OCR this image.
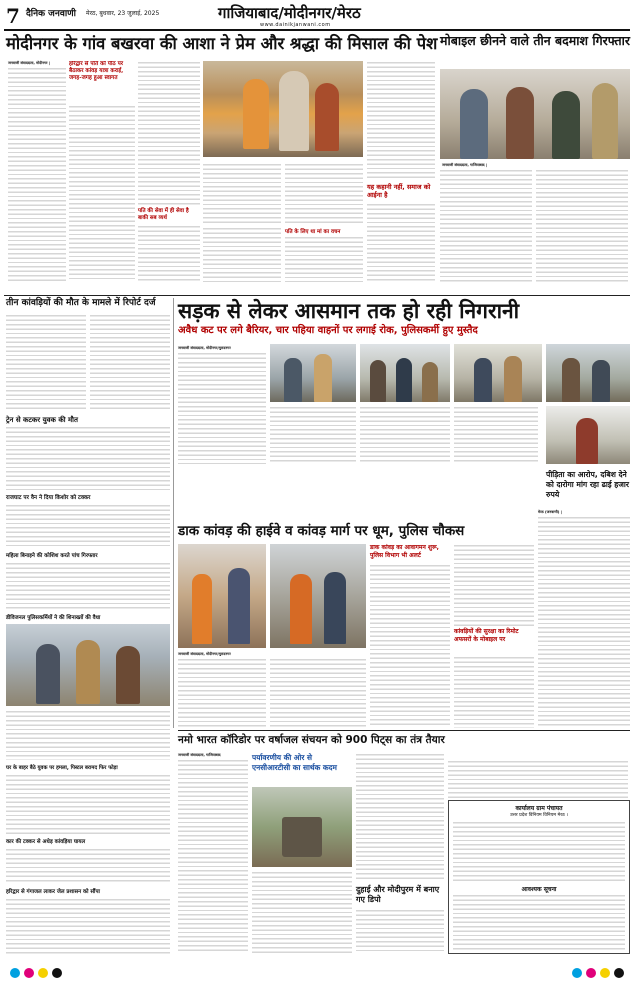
7 दैनिक जनवाणी मेरठ, बुधवार, 23 जुलाई, 2025	गाजियाबाद/मोदीनगर/मेरठ
www.dainikjanwani.com
मोदीनगर के गांव बखरवा की आशा ने प्रेम और श्रद्धा की मिसाल की पेश
जनवाणी संवाददाता, मोदीनगर |	हरिद्वार से पति को पीठ पर बैठाकर कांवड़ यात्रा कराई, जगह-जगह हुआ स्वागत
पति की सेवा में ही सेवा है बाकी सब व्यर्थ
पति के लिए था मां का वचन
यह कहानी नहीं, समाज को आईना है
मोबाइल छीनने वाले तीन बदमाश गिरफ्तार
जनवाणी संवाददाता, गाजियाबाद |
तीन कांवड़ियों की मौत के मामले में रिपोर्ट दर्ज
ट्रेन से कटकर युवक की मौत
राजघाट पर वैन ने दिया किशोर को टक्कर
महिला बिनाइने की कोशिश करते पांच गिरफ्तार
डीविजनल पुलिसकर्मियों ने की शिनाख्तों की वैधा
घर के बाहर बैठे युवक पर हमला, पिस्टल बरामद फिर फोड़ा
कार की टक्कर से अधेड़ कांवड़िया घायल
हरिद्वार से गंगाजल लाकर जेल प्रशासन को सौंपा
सड़क से लेकर आसमान तक हो रही निगरानी
अवैध कट पर लगे बैरियर, चार पहिया वाहनों पर लगाई रोक, पुलिसकर्मी हुए मुस्तैद
जनवाणी संवाददाता, मोदीनगर/मुरादनगर
पीड़िता का आरोप, दबिश देने को दारोगा मांग रहा ढाई हजार रुपये
डाक कांवड़ की हाईवे व कांवड़ मार्ग पर धूम, पुलिस चौकस
जनवाणी संवाददाता, मोदीनगर/मुरादनगर
डाक कांवड़ का आवागमन शुरू, पुलिस विभाग भी अलर्ट
कांवड़ियों की सुरक्षा का रिमोट अफसरों के मोबाइल पर
मेरठ (जनवाणी) |
नमो भारत कॉरिडोर पर वर्षाजल संचयन को 900 पिट्स का तंत्र तैयार
जनवाणी संवाददाता, गाजियाबाद	पर्यावरणीय की ओर से एनसीआरटीसी का सार्थक कदम
दुहाई और मोदीपुरम में बनाए गए डिपो
कार्यालय ग्राम पंचायत
उत्तर प्रदेश विनियम विनियम मेरठ ।
आवश्यक सूचना
